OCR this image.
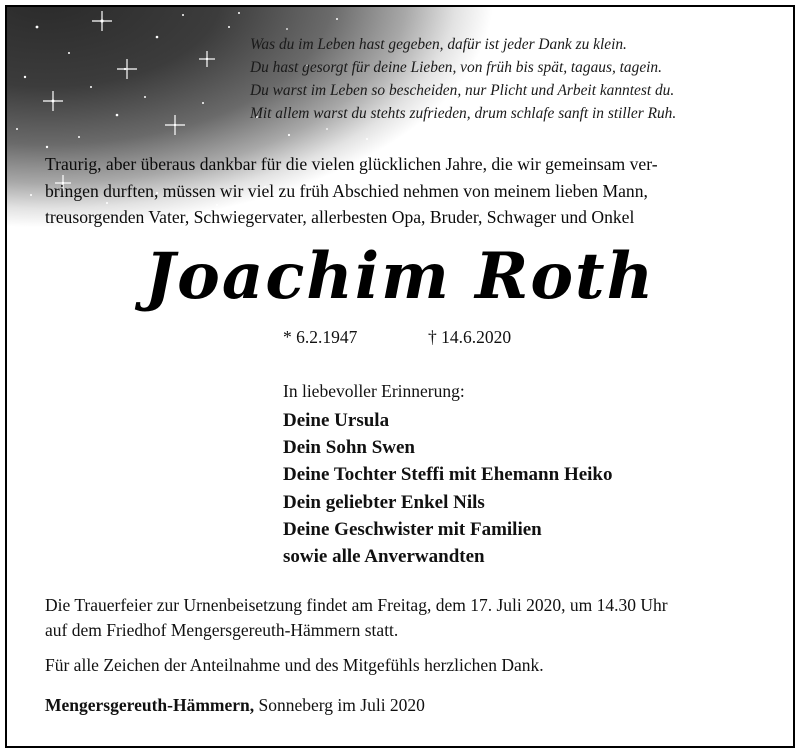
Was du im Leben hast gegeben, dafür ist jeder Dank zu klein.
Du hast gesorgt für deine Lieben, von früh bis spät, tagaus, tagein.
Du warst im Leben so bescheiden, nur Plicht und Arbeit kanntest du.
Mit allem warst du stehts zufrieden, drum schlafe sanft in stiller Ruh.
Traurig, aber überaus dankbar für die vielen glücklichen Jahre, die wir gemeinsam ver-
bringen durften, müssen wir viel zu früh Abschied nehmen von meinem lieben Mann,
treusorgenden Vater, Schwiegervater, allerbesten Opa, Bruder, Schwager und Onkel
Joachim Roth
* 6.2.1947	† 14.6.2020
In liebevoller Erinnerung:
Deine Ursula
Dein Sohn Swen
Deine Tochter Steffi mit Ehemann Heiko
Dein geliebter Enkel Nils
Deine Geschwister mit Familien
sowie alle Anverwandten
Die Trauerfeier zur Urnenbeisetzung findet am Freitag, dem 17. Juli 2020, um 14.30 Uhr
auf dem Friedhof Mengersgereuth-Hämmern statt.
Für alle Zeichen der Anteilnahme und des Mitgefühls herzlichen Dank.
Mengersgereuth-Hämmern, Sonneberg im Juli 2020
